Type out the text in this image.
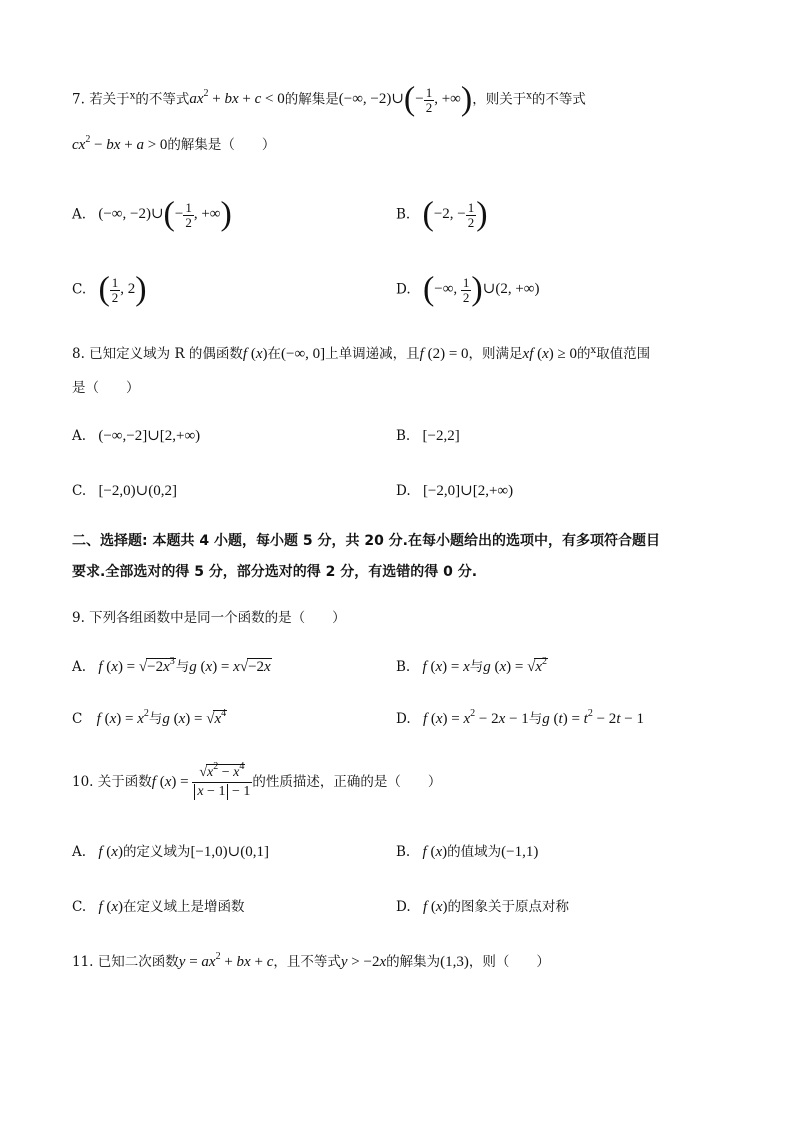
7. 若关于$^x$的不等式$ax^2$ + bx + c < 0的解集是(−∞, −2)∪(− $\frac{1}{2}$ , +∞)，则关于$^x$的不等式
$cx^2$ − bx + a > 0的解集是（　　）
A. (−∞, −2)∪(− $\frac{1}{2}$ , +∞)	B. (−2, − $\frac{1}{2}$ )
C. ( $\frac{1}{2}$ , 2)	D. (−∞, $\frac{1}{2}$ )∪(2, +∞)
8. 已知定义域为 R 的偶函数f (x)在(−∞, 0]上单调递减，且f (2) = 0，则满足xf (x) ≥ 0的$^x$取值范围
是（　　）
A. (−∞,−2]∪[2,+∞)	B. [−2,2]
C. [−2,0)∪(0,2]	D. [−2,0]∪[2,+∞)
二、选择题: 本题共 4 小题，每小题 5 分，共 20 分.在每小题给出的选项中，有多项符合题目
要求.全部选对的得 5 分，部分选对的得 2 分，有选错的得 0 分.
9. 下列各组函数中是同一个函数的是（　　）
A. f $(x) = √-2x^3$与g (x) = x√−2x	B. f (x) = x与g $(x) = √x^2$
C f $(x) = x^2$与g $(x) = √x^4$	D. f $(x) = x^2 - 2x - 1$与g $(t) = t^2 - 2t - 1$
10. 关于函数f $(x) = \frac{√x^2 - x^4}{x - 1 - 1}$ 的性质描述，正确的是（　　）
A. f (x)的定义域为[−1,0)∪(0,1]	B. f (x)的值域为(−1,1)
C. f (x)在定义域上是增函数	D. f (x)的图象关于原点对称
11. 已知二次函数$y = ax^2$ + bx + c，且不等式y > −2x的解集为(1,3)，则（　　）
